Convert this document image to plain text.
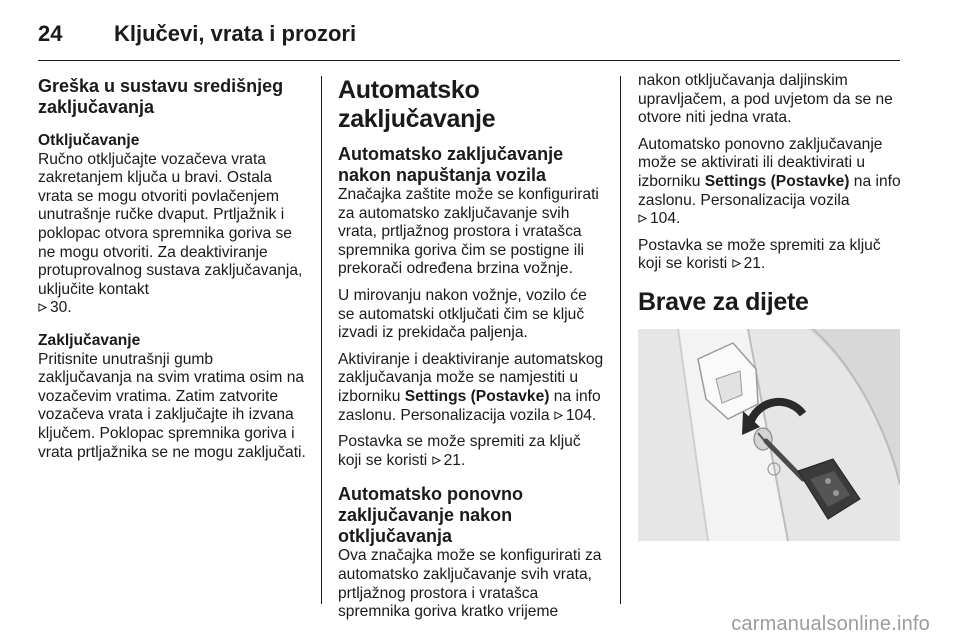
24	Ključevi, vrata i prozori
Greška u sustavu središnjeg zaključavanja

Otključavanje
Ručno otključajte vozačeva vrata zakretanjem ključa u bravi. Ostala vrata se mogu otvoriti povlačenjem unutrašnje ručke dvaput. Prtljažnik i poklopac otvora spremnika goriva se ne mogu otvoriti. Za deaktiviranje protuprovalnog sustava zaključavanja, uključite kontakt
30.

Zaključavanje
Pritisnite unutrašnji gumb zaključavanja na svim vratima osim na vozačevim vratima. Zatim zatvorite vozačeva vrata i zaključajte ih izvana ključem. Poklopac spremnika goriva i vrata prtljažnika se ne mogu zaključati.

Automatsko zaključavanje
Automatsko zaključavanje nakon napuštanja vozila

Značajka zaštite može se konfigurirati za automatsko zaključavanje svih vrata, prtljažnog prostora i vratašca spremnika goriva čim se postigne ili prekorači određena brzina vožnje.

U mirovanju nakon vožnje, vozilo će se automatski otključati čim se ključ izvadi iz prekidača paljenja.

Aktiviranje i deaktiviranje automatskog zaključavanja može se namjestiti u izborniku Settings (Postavke) na info zaslonu. Personalizacija vozila 104.

Postavka se može spremiti za ključ koji se koristi 21.

Automatsko ponovno zaključavanje nakon otključavanja

Ova značajka može se konfigurirati za automatsko zaključavanje svih vrata, prtljažnog prostora i vratašca spremnika goriva kratko vrijeme

nakon otključavanja daljinskim upravljačem, a pod uvjetom da se ne otvore niti jedna vrata.

Automatsko ponovno zaključavanje može se aktivirati ili deaktivirati u izborniku Settings (Postavke) na info zaslonu. Personalizacija vozila
104.

Postavka se može spremiti za ključ koji se koristi 21.

Brave za dijete
carmanualsonline.info
